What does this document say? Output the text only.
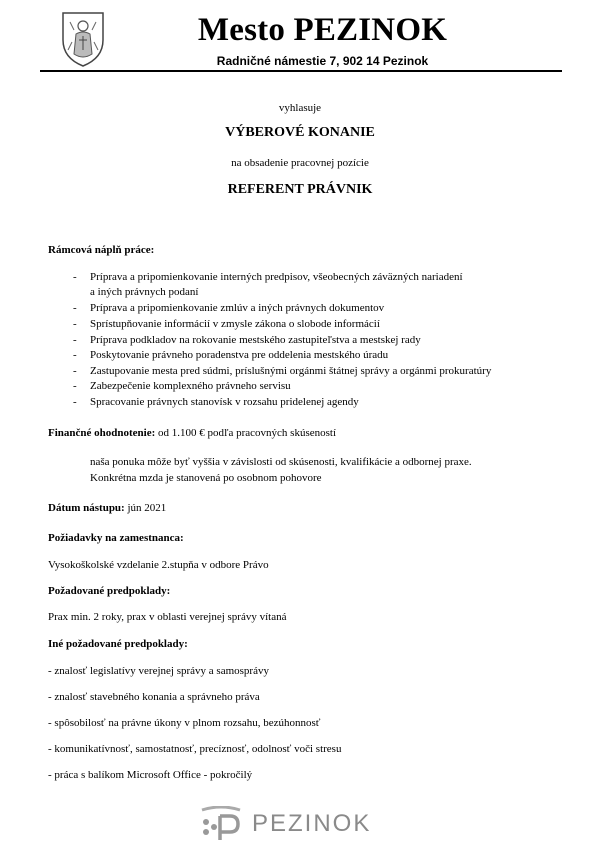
Mesto PEZINOK
Radničné námestie 7, 902 14 Pezinok
vyhlasuje
VÝBEROVÉ KONANIE
na obsadenie pracovnej pozície
REFERENT PRÁVNIK
Rámcová náplň práce:
- Príprava a pripomienkovanie interných predpisov, všeobecných záväzných nariadení
a iných právnych podaní
- Príprava a pripomienkovanie zmlúv a iných právnych dokumentov
- Sprístupňovanie informácií v zmysle zákona o slobode informácií
- Príprava podkladov na rokovanie mestského zastupiteľstva a mestskej rady
- Poskytovanie právneho poradenstva pre oddelenia mestského úradu
- Zastupovanie mesta pred súdmi, príslušnými orgánmi štátnej správy a orgánmi prokuratúry
- Zabezpečenie komplexného právneho servisu
- Spracovanie právnych stanovísk v rozsahu pridelenej agendy
Finančné ohodnotenie: od 1.100 € podľa pracovných skúseností
naša ponuka môže byť vyššia v závislosti od skúsenosti, kvalifikácie a odbornej praxe.
Konkrétna mzda je stanovená po osobnom pohovore
Dátum nástupu: jún 2021
Požiadavky na zamestnanca:
Vysokoškolské vzdelanie 2.stupňa v odbore Právo
Požadované predpoklady:
Prax min. 2 roky, prax v oblasti verejnej správy vítaná
Iné požadované predpoklady:
- znalosť legislatívy verejnej správy a samosprávy
- znalosť stavebného konania a správneho práva
- spôsobilosť na právne úkony v plnom rozsahu, bezúhonnosť
- komunikatívnosť, samostatnosť, precíznosť, odolnosť voči stresu
- práca s balíkom Microsoft Office - pokročilý
PEZINOK
